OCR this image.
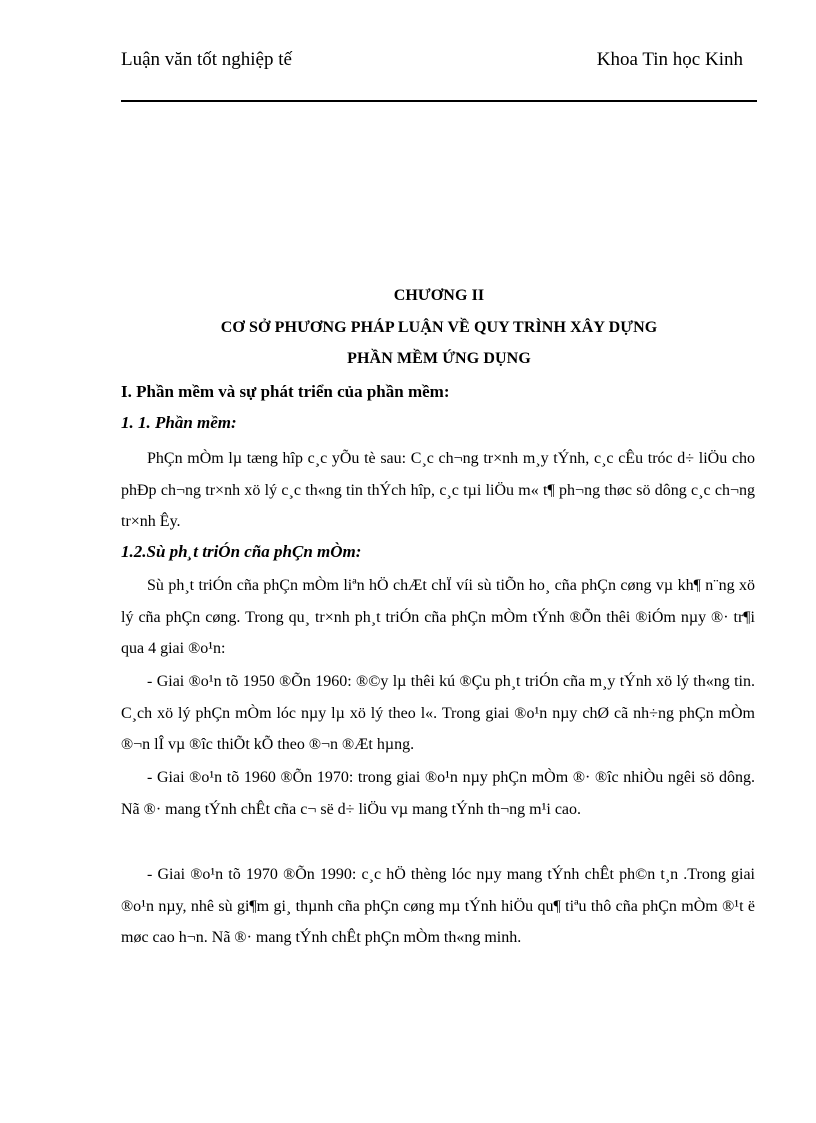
Luận văn tốt nghiệp tế	Khoa Tin học Kinh
CHƯƠNG II
CƠ SỞ PHƯƠNG PHÁP LUẬN VỀ QUY TRÌNH XÂY DỰNG
PHẦN MỀM ỨNG DỤNG
I. Phần mềm và sự phát triển của phần mềm:
1. 1. Phần mềm:
PhÇn mÒm lµ tæng hîp c¸c yÕu tè sau: C¸c ch¬ng tr×nh m¸y tÝnh, c¸c cÊu tróc d÷ liÖu cho phÐp ch¬ng tr×nh xö lý c¸c th«ng tin thÝch hîp, c¸c tµi liÖu m« t¶ ph¬ng thøc sö dông c¸c ch¬ng tr×nh Êy.
1.2.Sù ph¸t triÓn cña phÇn mÒm:
Sù ph¸t triÓn cña phÇn mÒm liªn hÖ chÆt chÏ víi sù tiÕn ho¸ cña phÇn cøng vµ kh¶ n¨ng xö lý cña phÇn cøng. Trong qu¸ tr×nh ph¸t triÓn cña phÇn mÒm tÝnh ®Õn thêi ®iÓm nµy ®· tr¶i qua 4 giai ®o¹n:
- Giai ®o¹n tõ 1950 ®Õn 1960: ®©y lµ thêi kú ®Çu ph¸t triÓn cña m¸y tÝnh xö lý th«ng tin. C¸ch xö lý phÇn mÒm lóc nµy lµ xö lý theo l«. Trong giai ®o¹n nµy chØ cã nh÷ng phÇn mÒm ®¬n lÎ vµ ®îc thiÕt kÕ theo ®¬n ®Æt hµng.
- Giai ®o¹n tõ 1960 ®Õn 1970: trong giai ®o¹n nµy phÇn mÒm ®· ®îc nhiÒu ngêi sö dông. Nã ®· mang tÝnh chÊt cña c¬ së d÷ liÖu vµ mang tÝnh th¬ng m¹i cao.
- Giai ®o¹n tõ 1970 ®Õn 1990: c¸c hÖ thèng lóc nµy mang tÝnh chÊt ph©n t¸n .Trong giai ®o¹n nµy, nhê sù gi¶m gi¸ thµnh cña phÇn cøng mµ tÝnh hiÖu qu¶ tiªu thô cña phÇn mÒm ®¹t ë møc cao h¬n. Nã ®· mang tÝnh chÊt phÇn mÒm th«ng minh.
